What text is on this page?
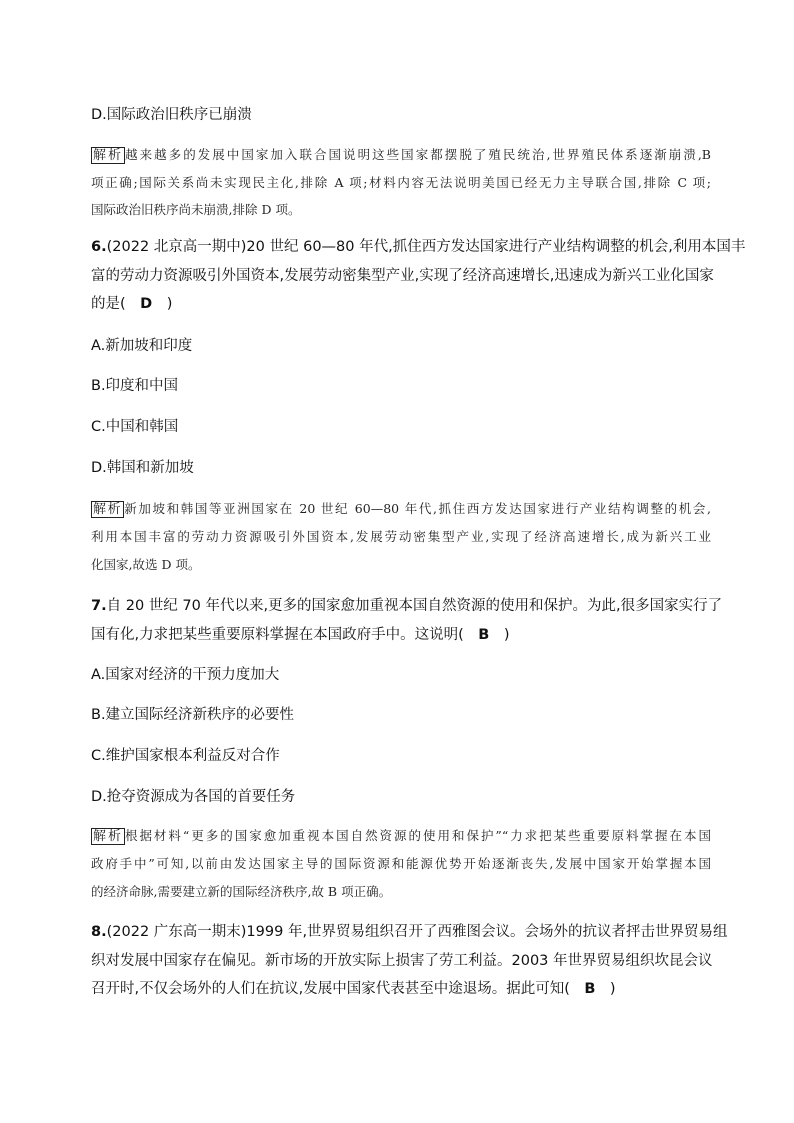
D.国际政治旧秩序已崩溃
解析 越来越多的发展中国家加入联合国说明这些国家都摆脱了殖民统治,世界殖民体系逐渐崩溃,B
项正确;国际关系尚未实现民主化,排除 A 项;材料内容无法说明美国已经无力主导联合国,排除 C 项;
国际政治旧秩序尚未崩溃,排除 D 项。
6.(2022 北京高一期中)20 世纪 60—80 年代,抓住西方发达国家进行产业结构调整的机会,利用本国丰
富的劳动力资源吸引外国资本,发展劳动密集型产业,实现了经济高速增长,迅速成为新兴工业化国家
的是(　D　)
A.新加坡和印度
B.印度和中国
C.中国和韩国
D.韩国和新加坡
解析 新加坡和韩国等亚洲国家在 20 世纪 60—80 年代,抓住西方发达国家进行产业结构调整的机会,
利用本国丰富的劳动力资源吸引外国资本,发展劳动密集型产业,实现了经济高速增长,成为新兴工业
化国家,故选 D 项。
7.自 20 世纪 70 年代以来,更多的国家愈加重视本国自然资源的使用和保护。为此,很多国家实行了
国有化,力求把某些重要原料掌握在本国政府手中。这说明(　B　)
A.国家对经济的干预力度加大
B.建立国际经济新秩序的必要性
C.维护国家根本利益反对合作
D.抢夺资源成为各国的首要任务
解析 根据材料“更多的国家愈加重视本国自然资源的使用和保护”“力求把某些重要原料掌握在本国
政府手中”可知,以前由发达国家主导的国际资源和能源优势开始逐渐丧失,发展中国家开始掌握本国
的经济命脉,需要建立新的国际经济秩序,故 B 项正确。
8.(2022 广东高一期末)1999 年,世界贸易组织召开了西雅图会议。会场外的抗议者抨击世界贸易组
织对发展中国家存在偏见。新市场的开放实际上损害了劳工利益。2003 年世界贸易组织坎昆会议
召开时,不仅会场外的人们在抗议,发展中国家代表甚至中途退场。据此可知(　B　)
